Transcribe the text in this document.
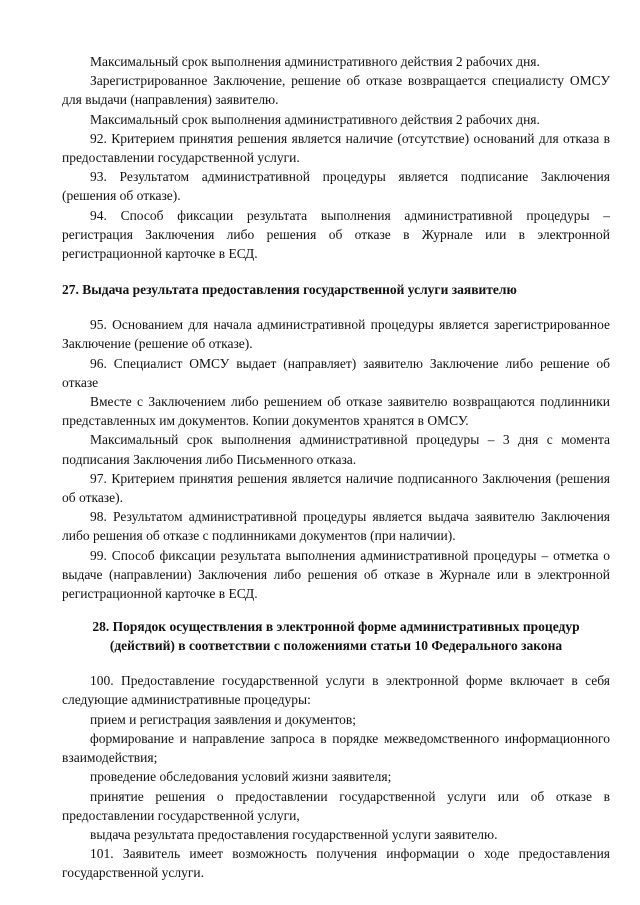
Максимальный срок выполнения административного действия 2 рабочих дня.

Зарегистрированное Заключение, решение об отказе возвращается специалисту ОМСУ для выдачи (направления) заявителю.

Максимальный срок выполнения административного действия 2 рабочих дня.

92. Критерием принятия решения является наличие (отсутствие) оснований для отказа в предоставлении государственной услуги.

93. Результатом административной процедуры является подписание Заключения (решения об отказе).

94. Способ фиксации результата выполнения административной процедуры – регистрация Заключения либо решения об отказе в Журнале или в электронной регистрационной карточке в ЕСД.

27. Выдача результата предоставления государственной услуги заявителю

95. Основанием для начала административной процедуры является зарегистрированное Заключение (решение об отказе).

96. Специалист ОМСУ выдает (направляет) заявителю Заключение либо решение об отказе

Вместе с Заключением либо решением об отказе заявителю возвращаются подлинники представленных им документов. Копии документов хранятся в ОМСУ.

Максимальный срок выполнения административной процедуры – 3 дня с момента подписания Заключения либо Письменного отказа.

97. Критерием принятия решения является наличие подписанного Заключения (решения об отказе).

98. Результатом административной процедуры является выдача заявителю Заключения либо решения об отказе с подлинниками документов (при наличии).

99. Способ фиксации результата выполнения административной процедуры – отметка о выдаче (направлении) Заключения либо решения об отказе в Журнале или в электронной регистрационной карточке в ЕСД.

28. Порядок осуществления в электронной форме административных процедур (действий) в соответствии с положениями статьи 10 Федерального закона

100. Предоставление государственной услуги в электронной форме включает в себя следующие административные процедуры:

прием и регистрация заявления и документов;

формирование и направление запроса в порядке межведомственного информационного взаимодействия;

проведение обследования условий жизни заявителя;

принятие решения о предоставлении государственной услуги или об отказе в предоставлении государственной услуги,

выдача результата предоставления государственной услуги заявителю.

101. Заявитель имеет возможность получения информации о ходе предоставления государственной услуги.
